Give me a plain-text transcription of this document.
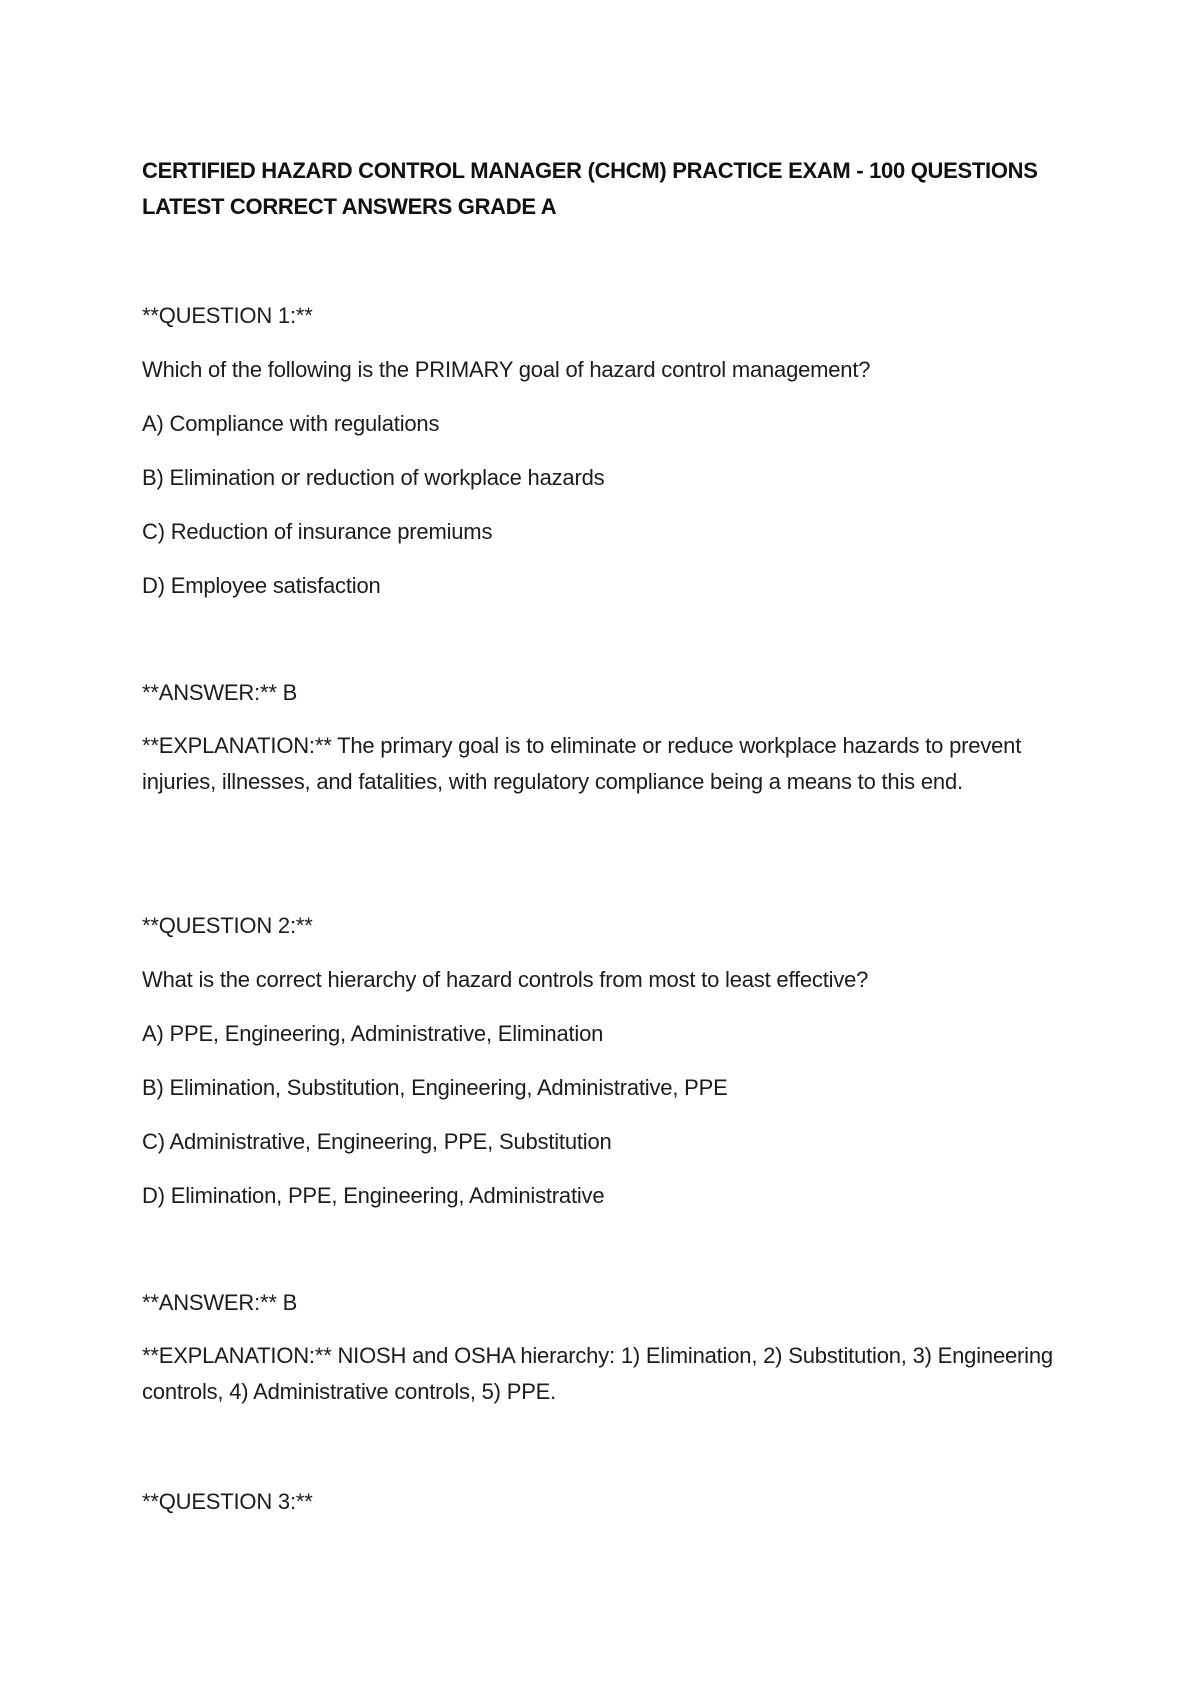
CERTIFIED HAZARD CONTROL MANAGER (CHCM) PRACTICE EXAM - 100 QUESTIONS LATEST CORRECT ANSWERS GRADE A
**QUESTION 1:**
Which of the following is the PRIMARY goal of hazard control management?
A) Compliance with regulations
B) Elimination or reduction of workplace hazards
C) Reduction of insurance premiums
D) Employee satisfaction
**ANSWER:** B
**EXPLANATION:** The primary goal is to eliminate or reduce workplace hazards to prevent injuries, illnesses, and fatalities, with regulatory compliance being a means to this end.
**QUESTION 2:**
What is the correct hierarchy of hazard controls from most to least effective?
A) PPE, Engineering, Administrative, Elimination
B) Elimination, Substitution, Engineering, Administrative, PPE
C) Administrative, Engineering, PPE, Substitution
D) Elimination, PPE, Engineering, Administrative
**ANSWER:** B
**EXPLANATION:** NIOSH and OSHA hierarchy: 1) Elimination, 2) Substitution, 3) Engineering controls, 4) Administrative controls, 5) PPE.
**QUESTION 3:**
